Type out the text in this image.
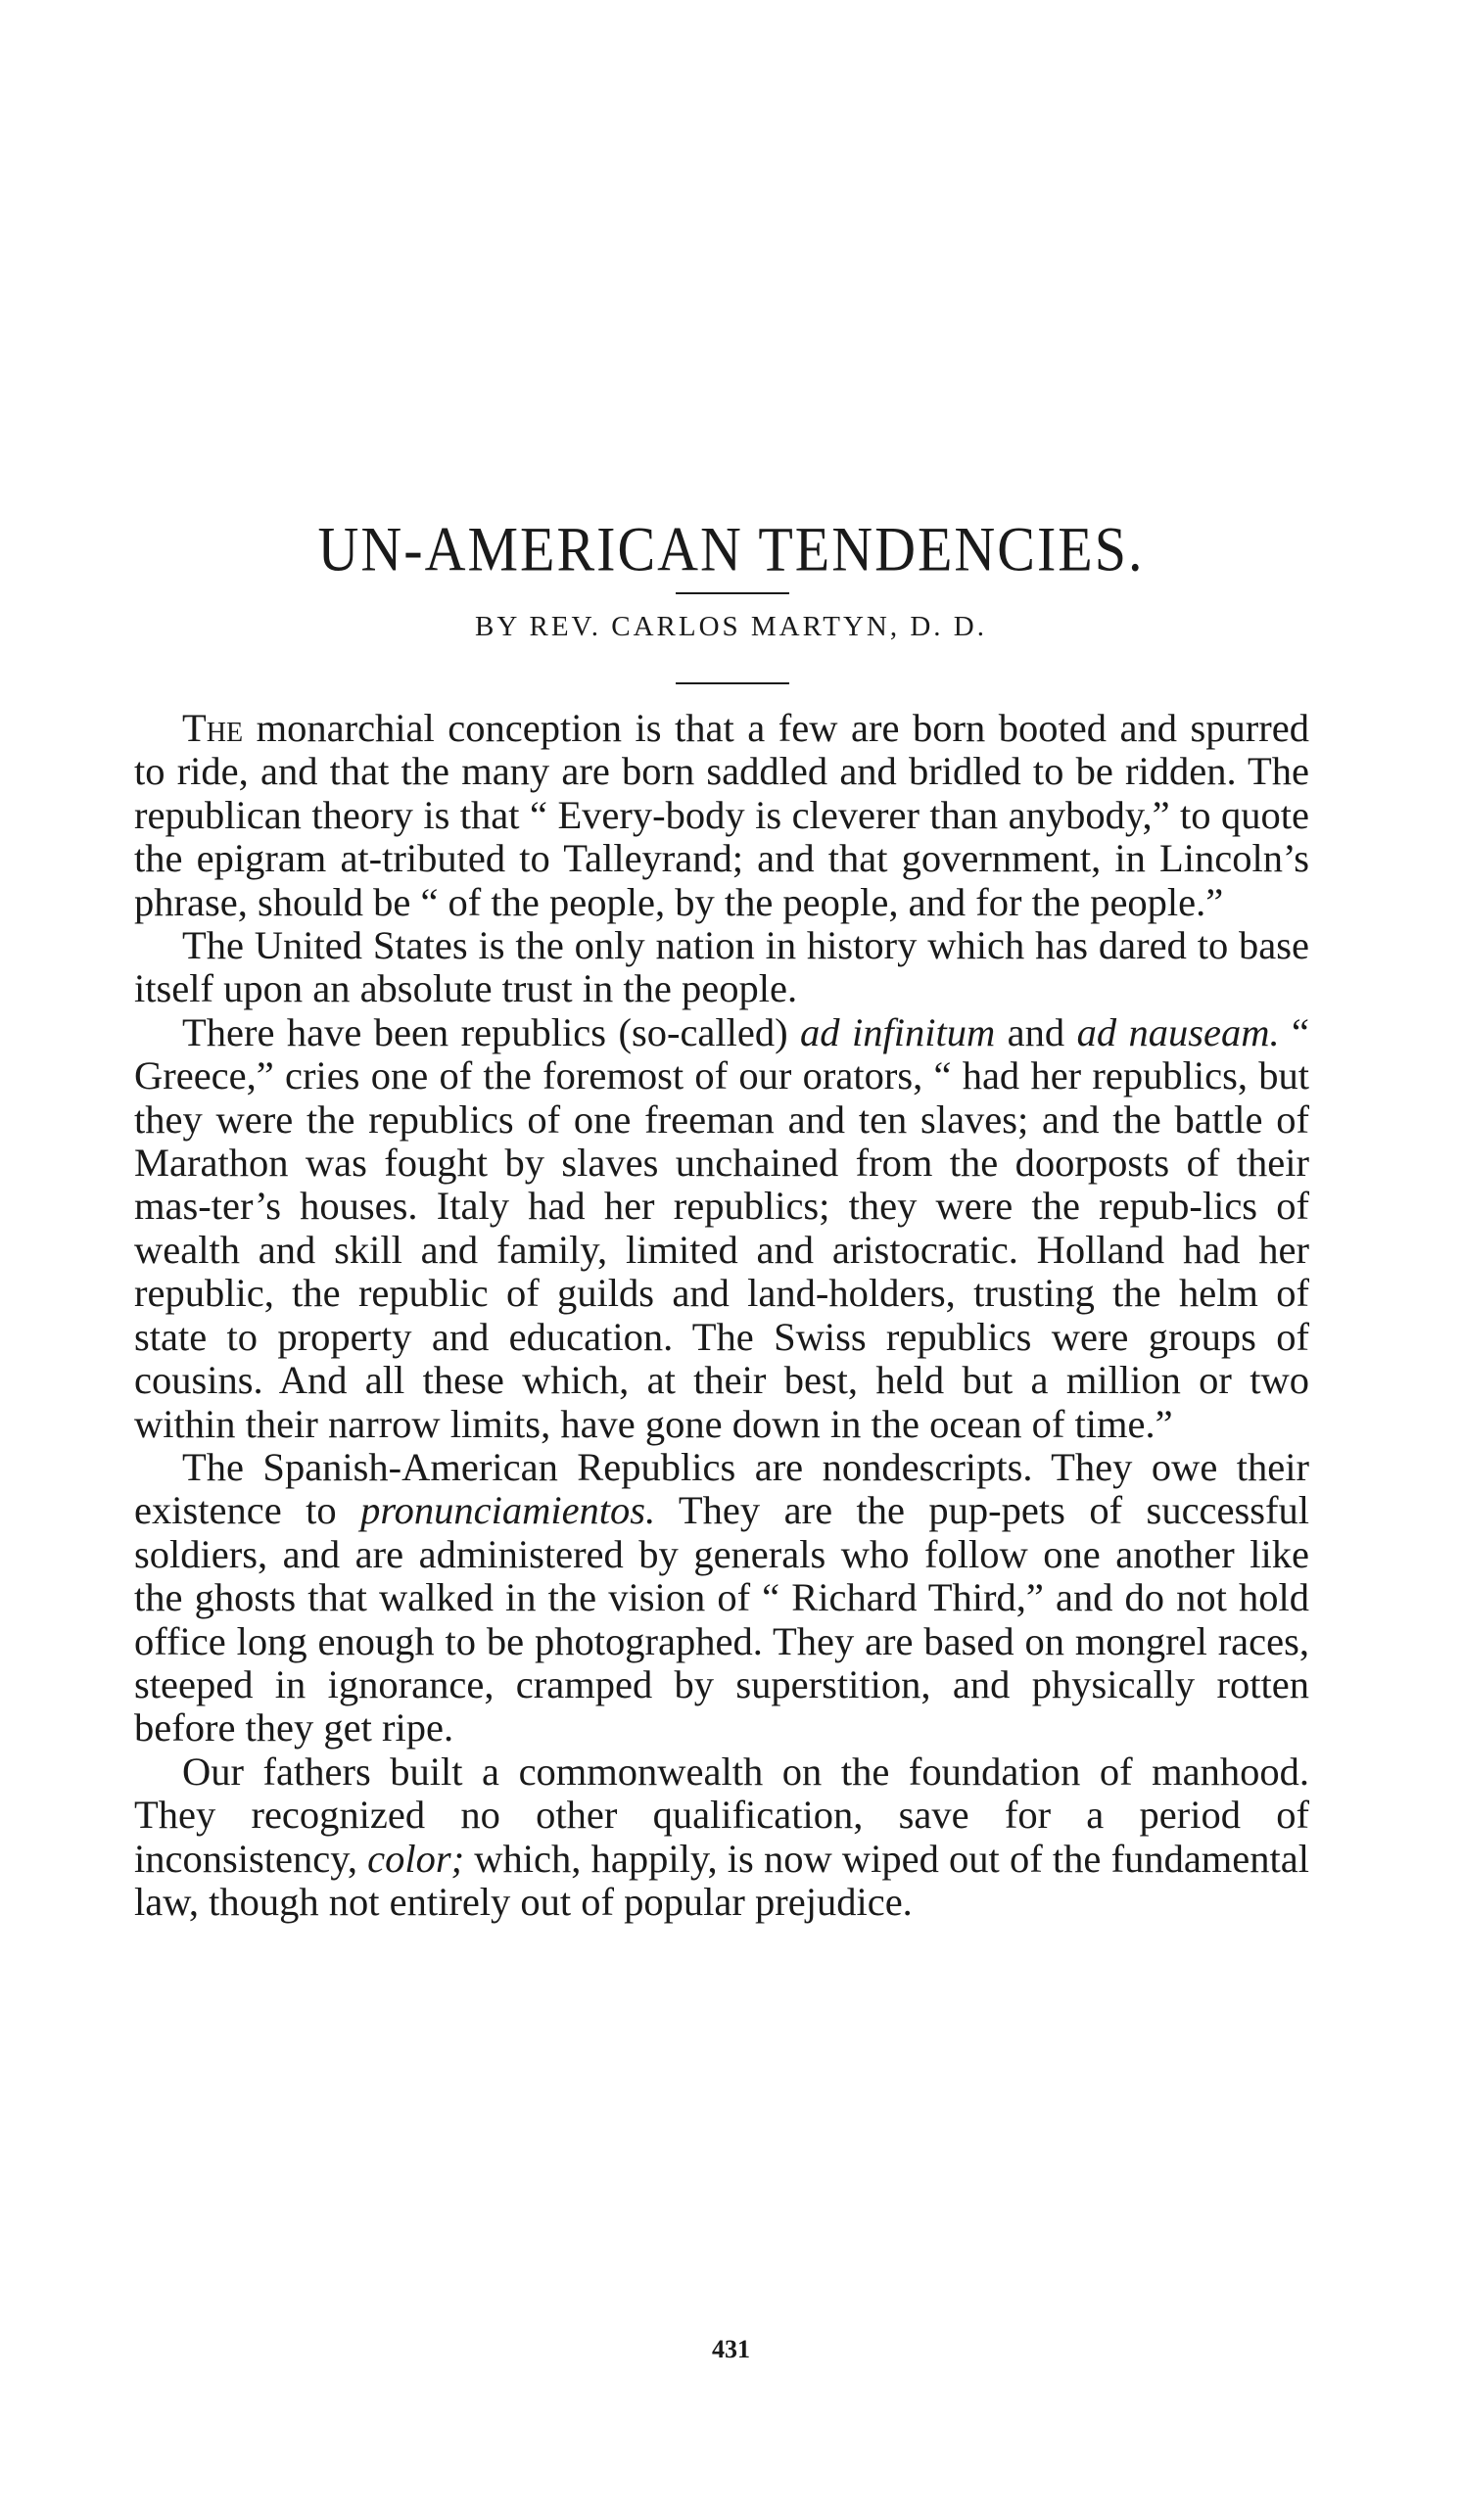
UN-AMERICAN TENDENCIES.

BY REV. CARLOS MARTYN, D. D.

The monarchial conception is that a few are born booted and spurred to ride, and that the many are born saddled and bridled to be ridden. The republican theory is that “ Every-body is cleverer than anybody,” to quote the epigram at-tributed to Talleyrand; and that government, in Lincoln’s phrase, should be “ of the people, by the people, and for the people.”

The United States is the only nation in history which has dared to base itself upon an absolute trust in the people.

There have been republics (so-called) ad infinitum and ad nauseam. “ Greece,” cries one of the foremost of our orators, “ had her republics, but they were the republics of one freeman and ten slaves; and the battle of Marathon was fought by slaves unchained from the doorposts of their mas-ter’s houses. Italy had her republics; they were the repub-lics of wealth and skill and family, limited and aristocratic. Holland had her republic, the republic of guilds and land-holders, trusting the helm of state to property and education. The Swiss republics were groups of cousins. And all these which, at their best, held but a million or two within their narrow limits, have gone down in the ocean of time.”

The Spanish-American Republics are nondescripts. They owe their existence to pronunciamientos. They are the pup-pets of successful soldiers, and are administered by generals who follow one another like the ghosts that walked in the vision of “ Richard Third,” and do not hold office long enough to be photographed. They are based on mongrel races, steeped in ignorance, cramped by superstition, and physically rotten before they get ripe.

Our fathers built a commonwealth on the foundation of manhood. They recognized no other qualification, save for a period of inconsistency, color; which, happily, is now wiped out of the fundamental law, though not entirely out of popular prejudice.

431
